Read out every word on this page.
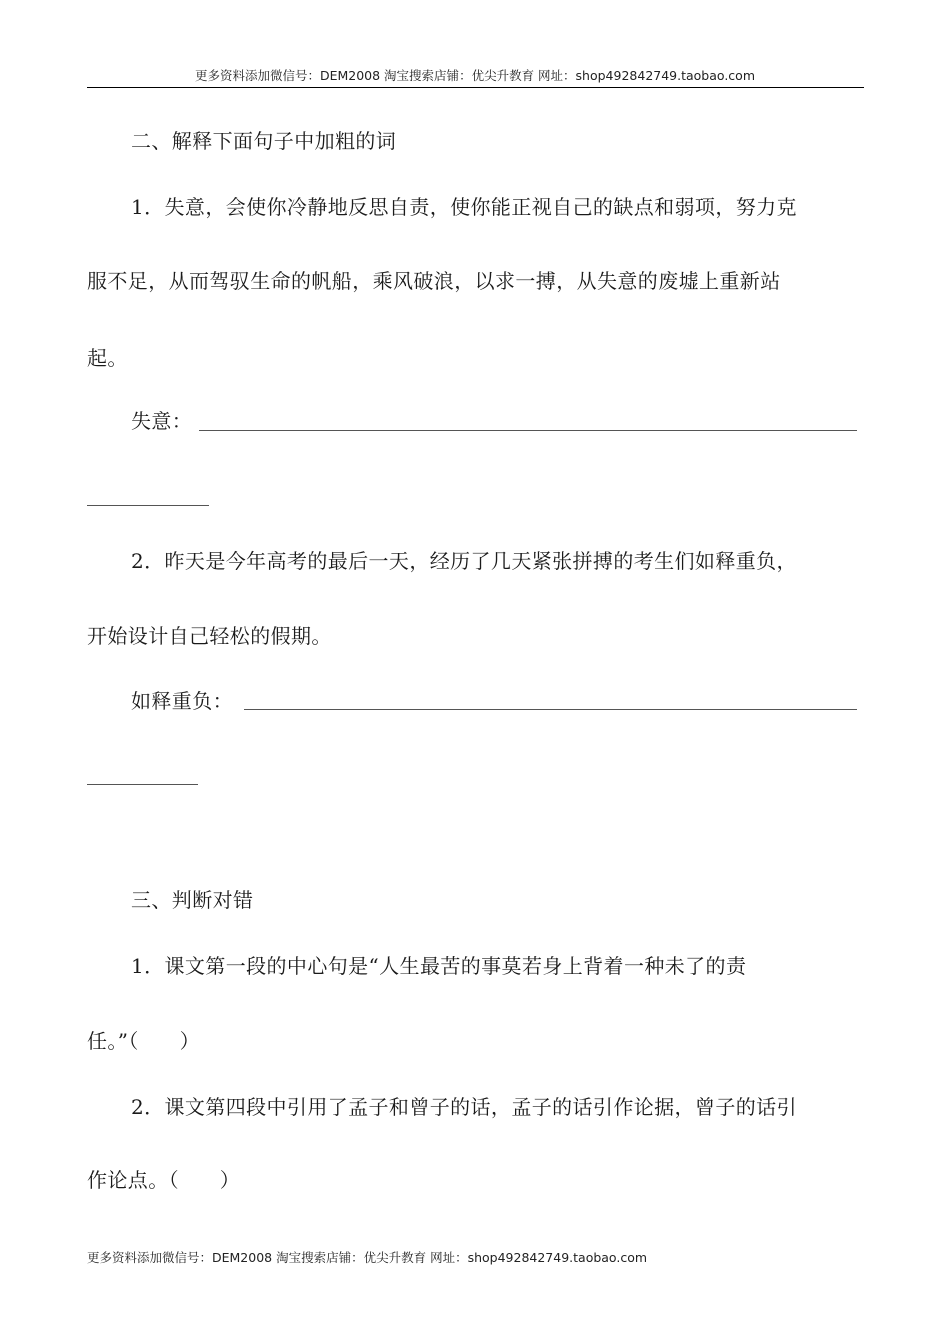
更多资料添加微信号：DEM2008 淘宝搜索店铺：优尖升教育 网址：shop492842749.taobao.com
二、解释下面句子中加粗的词
1．失意，会使你冷静地反思自责，使你能正视自己的缺点和弱项，努力克
服不足，从而驾驭生命的帆船，乘风破浪，以求一搏，从失意的废墟上重新站
起。
失意：
2．昨天是今年高考的最后一天，经历了几天紧张拼搏的考生们如释重负，
开始设计自己轻松的假期。
如释重负：
三、判断对错
1．课文第一段的中心句是“人生最苦的事莫若身上背着一种未了的责
任。”（　　）
2．课文第四段中引用了孟子和曾子的话，孟子的话引作论据，曾子的话引
作论点。（　　）
更多资料添加微信号：DEM2008 淘宝搜索店铺：优尖升教育 网址：shop492842749.taobao.com
